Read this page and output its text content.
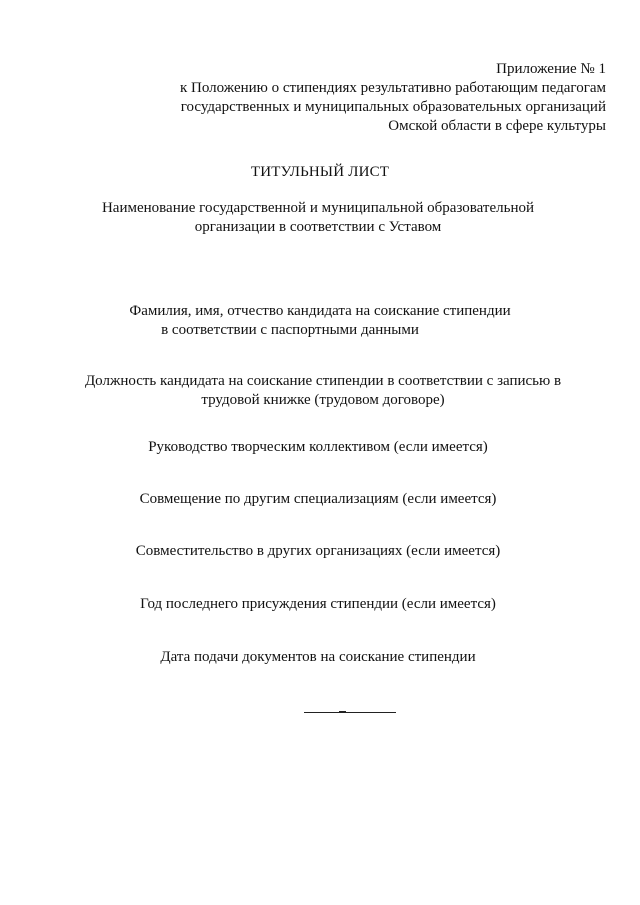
Приложение № 1
к Положению о стипендиях результативно работающим педагогам
государственных и муниципальных образовательных организаций
Омской области в сфере культуры
ТИТУЛЬНЫЙ ЛИСТ
Наименование государственной и муниципальной образовательной
организации в соответствии с Уставом
Фамилия, имя, отчество кандидата на соискание стипендии
в соответствии с паспортными данными
Должность кандидата на соискание стипендии в соответствии с записью в
трудовой книжке (трудовом договоре)
Руководство творческим коллективом (если имеется)
Совмещение по другим специализациям (если имеется)
Совместительство в других организациях (если имеется)
Год последнего присуждения стипендии (если имеется)
Дата подачи документов на соискание стипендии
